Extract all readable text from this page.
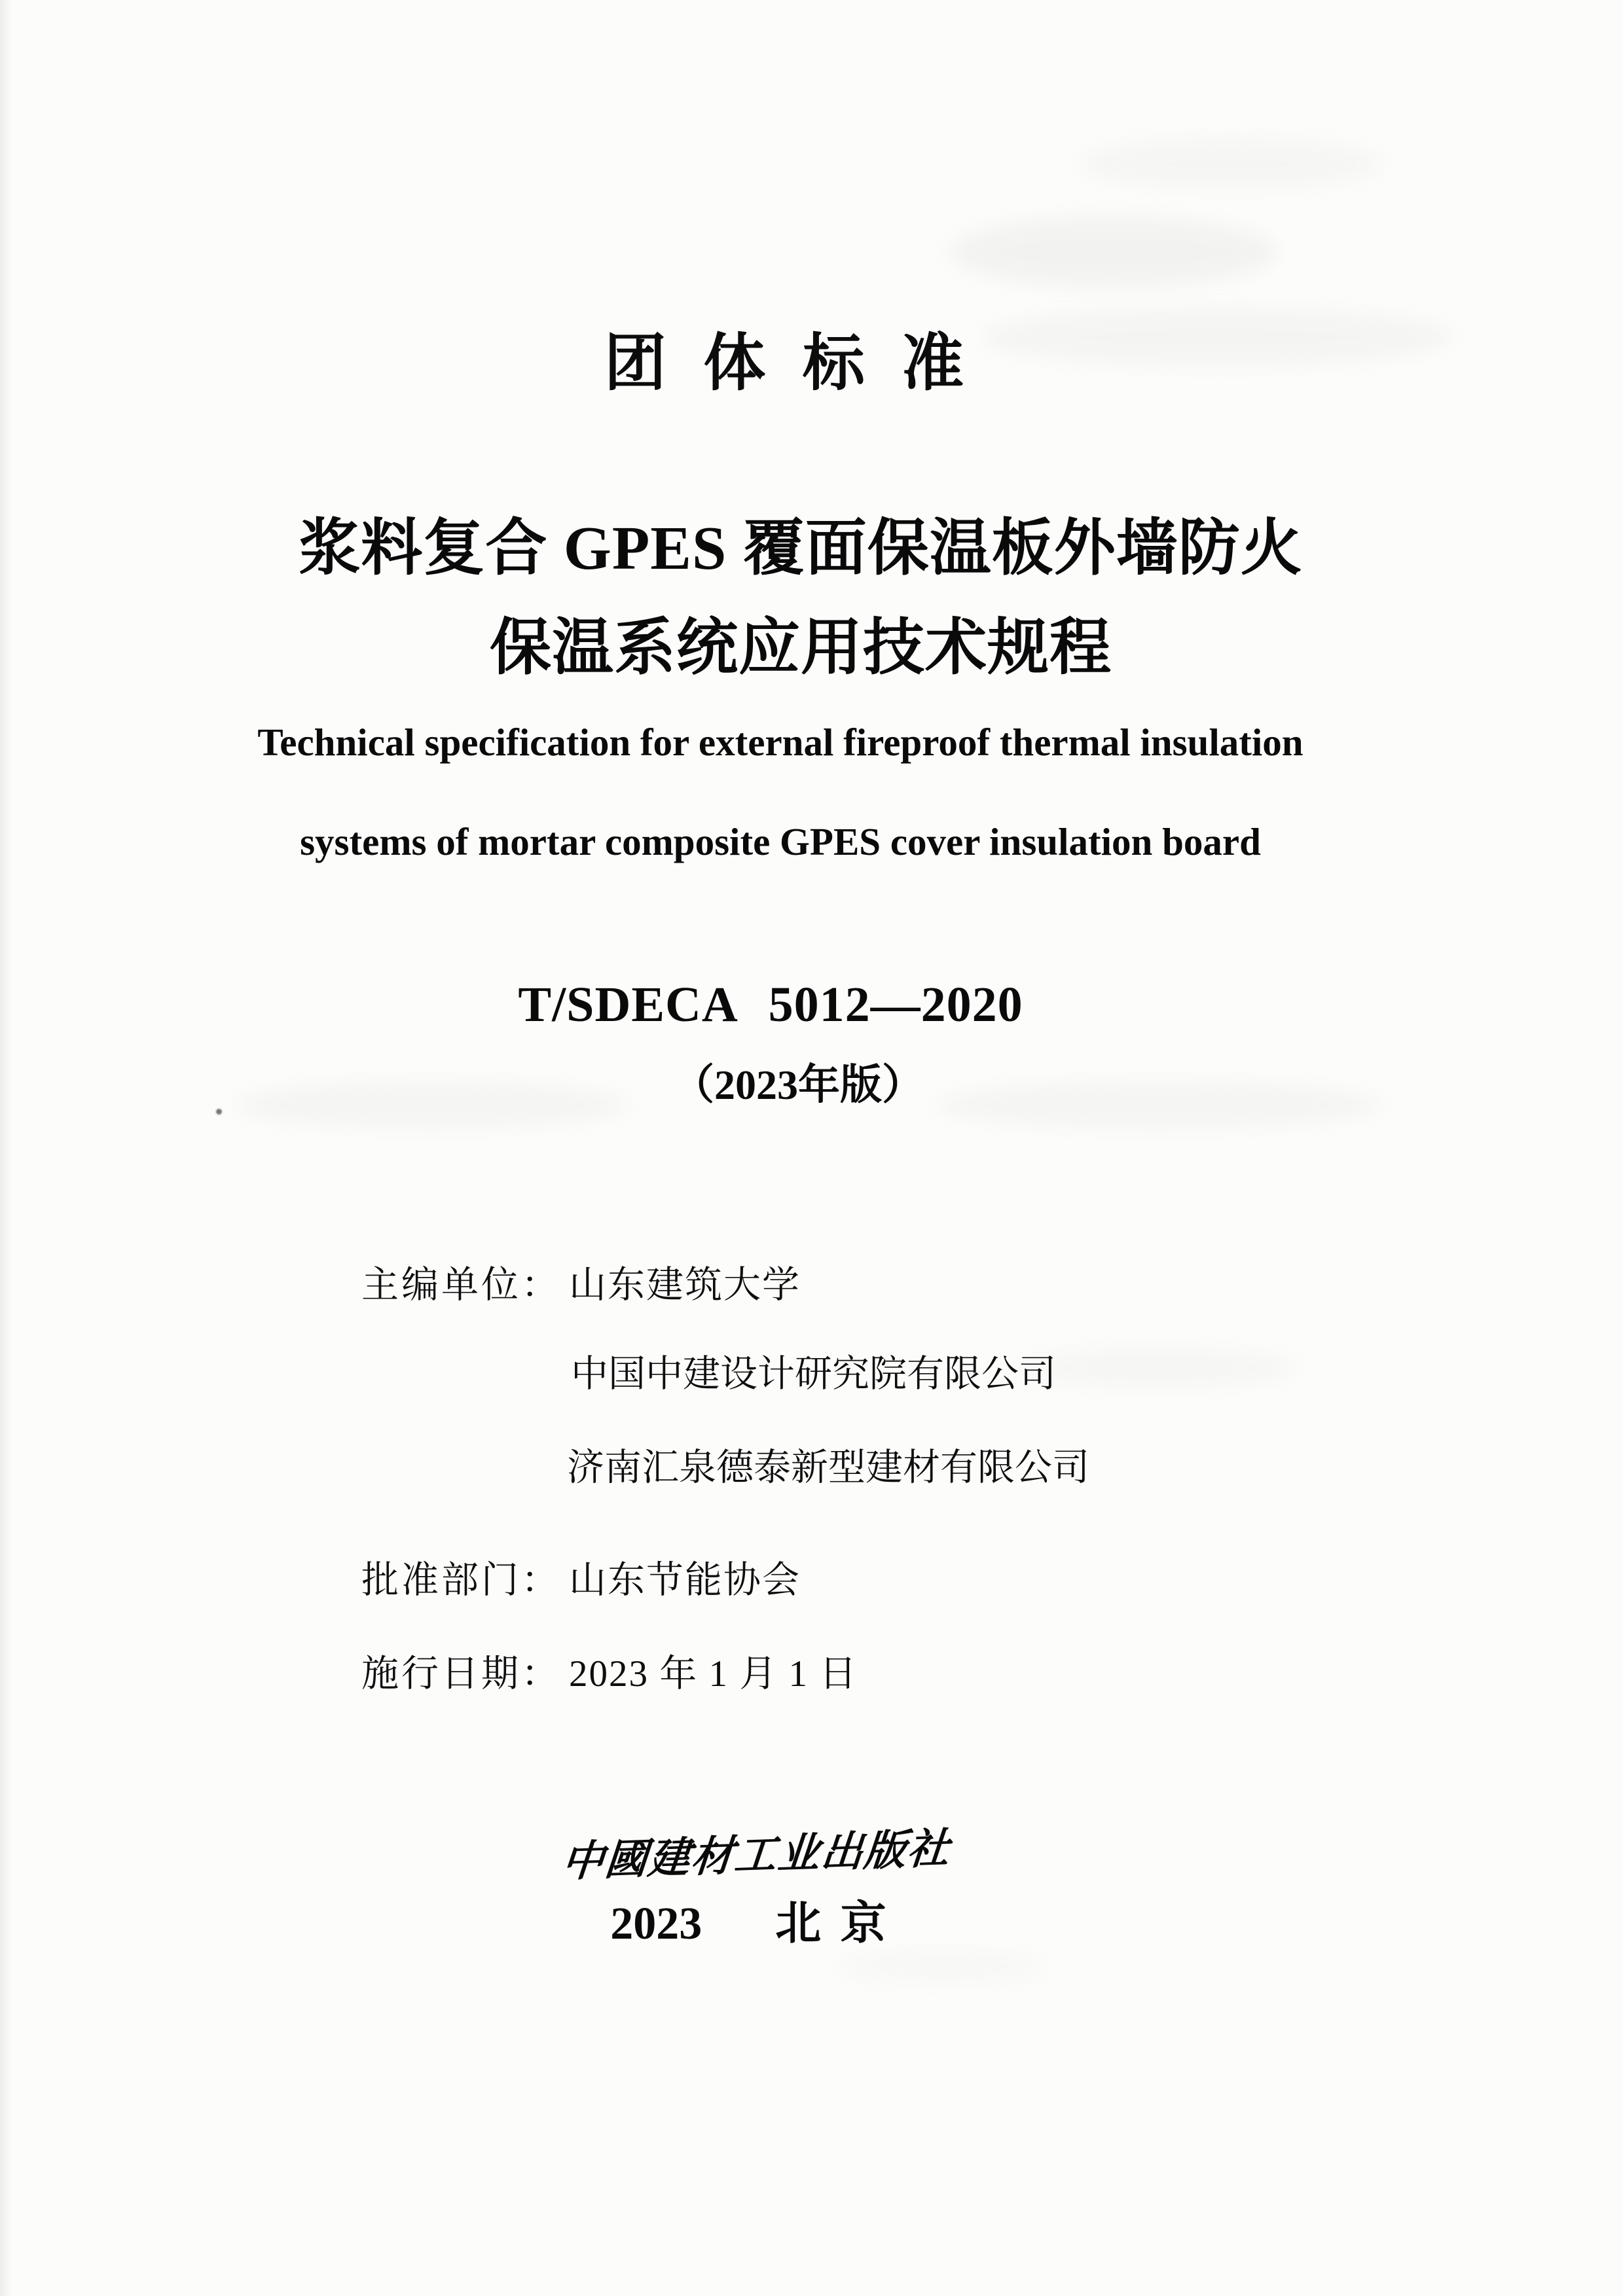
团 体 标 准
浆料复合 GPES 覆面保温板外墙防火
保温系统应用技术规程
Technical specification for external fireproof thermal insulation
systems of mortar composite GPES cover insulation board
T/SDECA 5012—2020
（2023年版）
主编单位： 山东建筑大学
中国中建设计研究院有限公司
济南汇泉德泰新型建材有限公司
批准部门： 山东节能协会
施行日期： 2023 年 1 月 1 日
中國建材工业出版社
2023 北 京
